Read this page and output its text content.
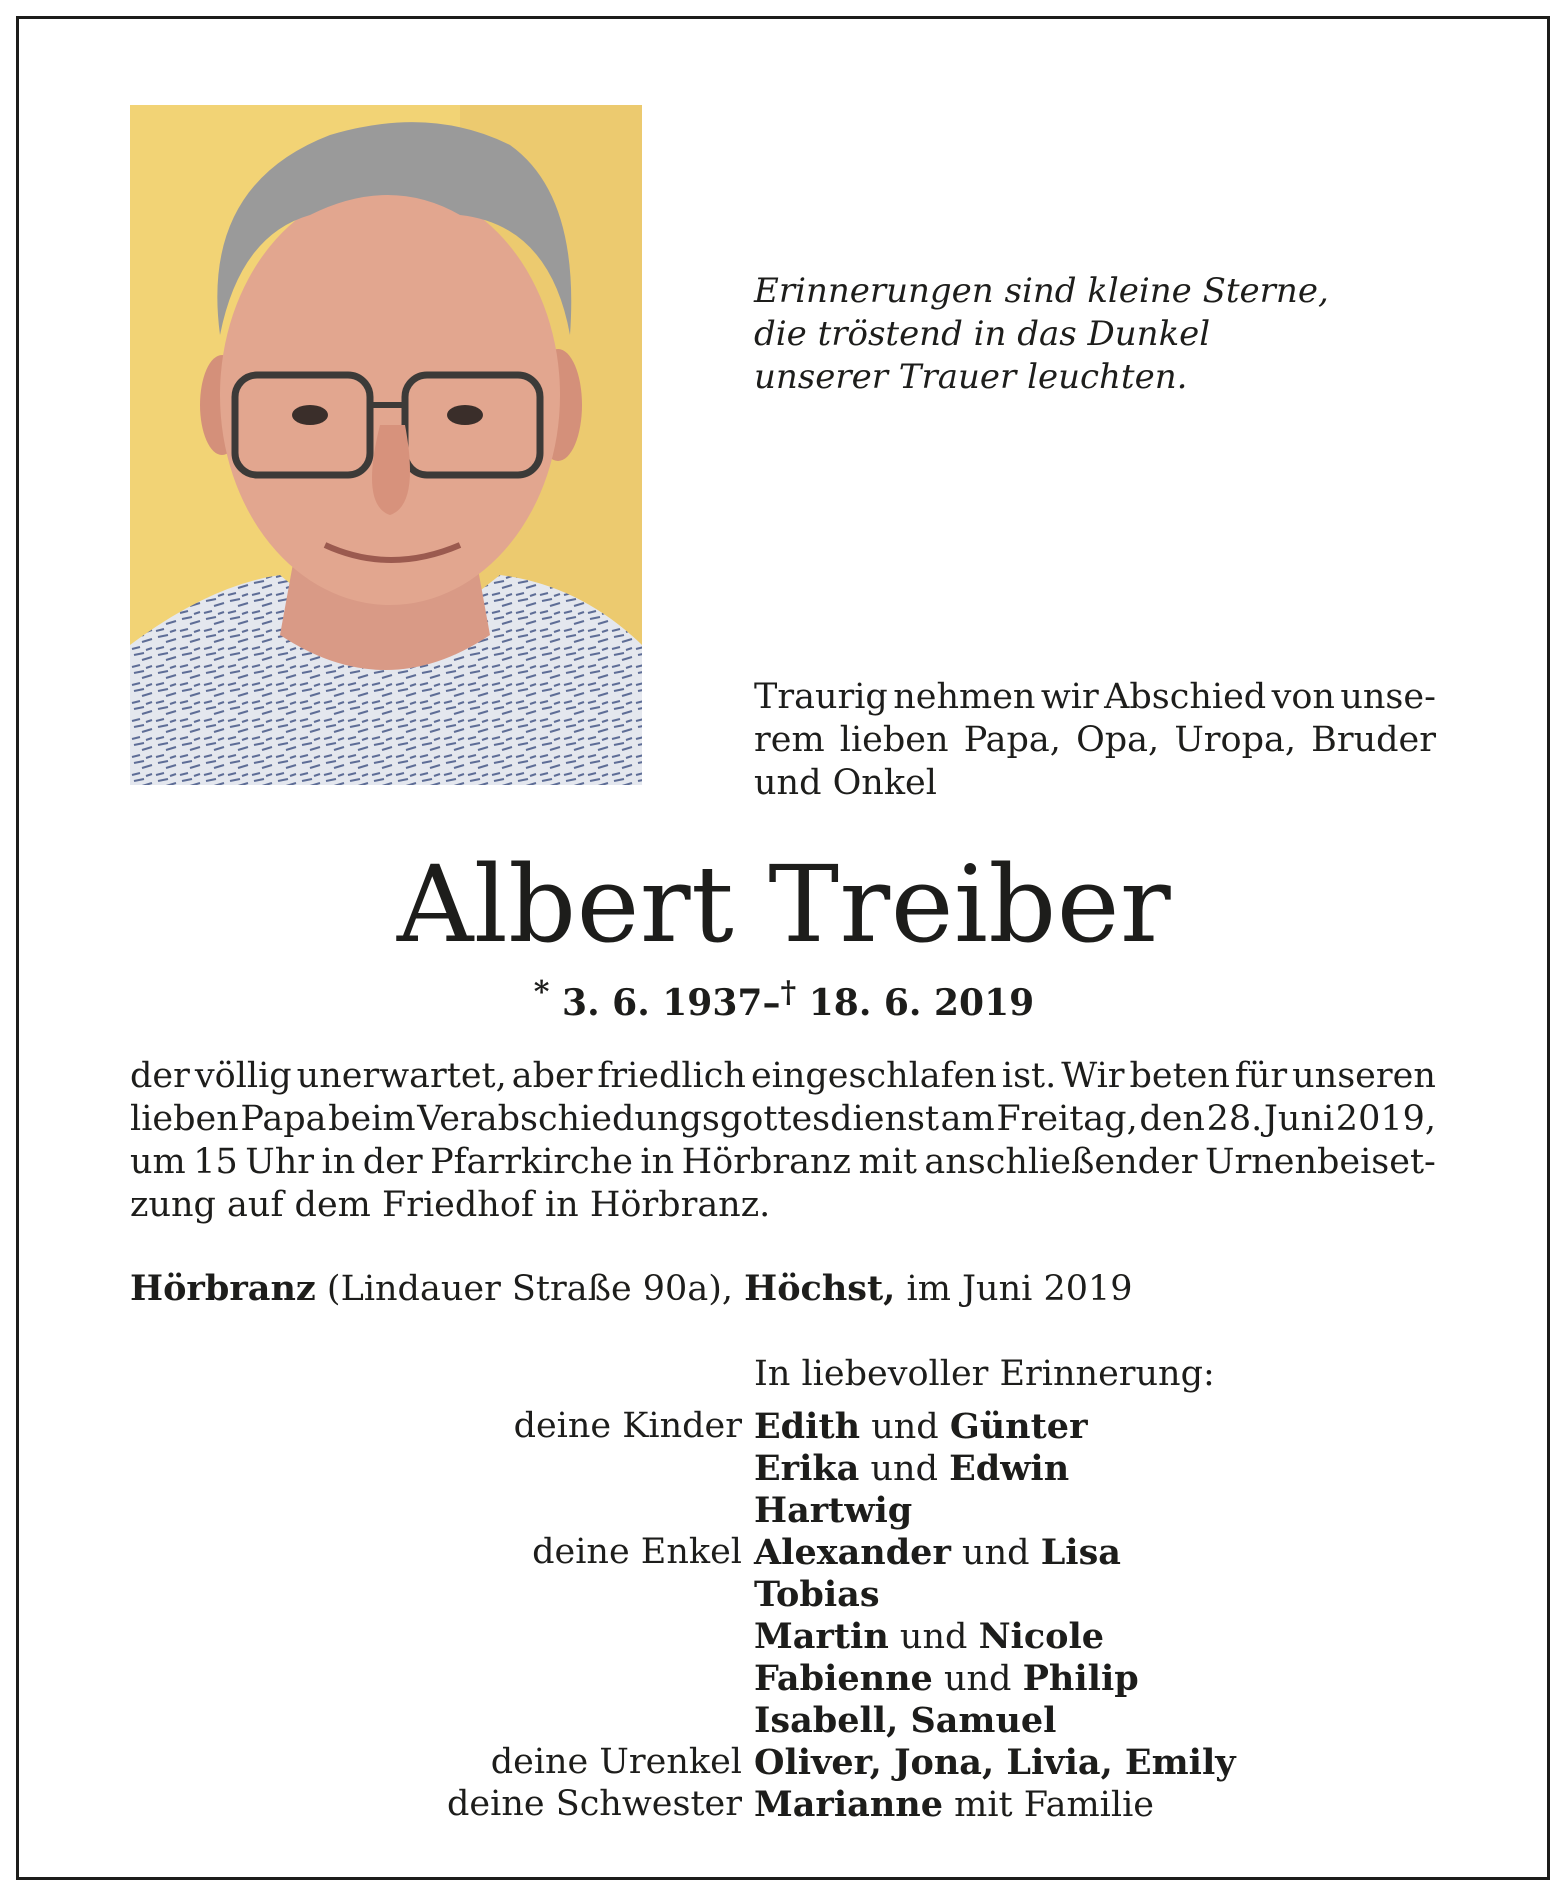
Erinnerungen sind kleine Sterne,
die tröstend in das Dunkel
unserer Trauer leuchten.
Traurig nehmen wir Abschied von unse-
rem lieben Papa, Opa, Uropa, Bruder
und Onkel
Albert Treiber
* 3. 6. 1937–† 18. 6. 2019
der völlig unerwartet, aber friedlich eingeschlafen ist. Wir beten für unseren
lieben Papa beim Verabschiedungsgottesdienst am Freitag, den 28. Juni 2019,
um 15 Uhr in der Pfarrkirche in Hörbranz mit anschließender Urnenbeiset-
zung auf dem Friedhof in Hörbranz.
Hörbranz (Lindauer Straße 90a), Höchst, im Juni 2019
In liebevoller Erinnerung:
deine Kinder Edith und Günter
Erika und Edwin
Hartwig
deine Enkel Alexander und Lisa
Tobias
Martin und Nicole
Fabienne und Philip
Isabell, Samuel
deine Urenkel Oliver, Jona, Livia, Emily
deine Schwester Marianne mit Familie
